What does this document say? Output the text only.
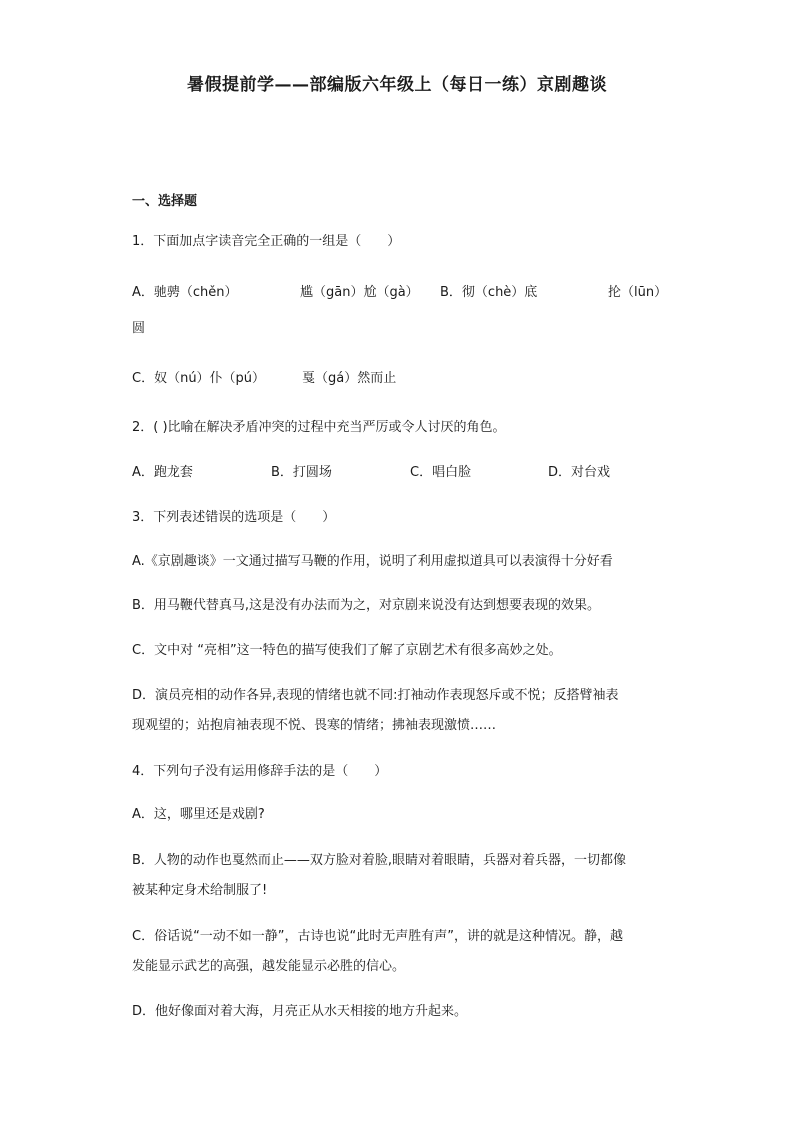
暑假提前学——部编版六年级上（每日一练）京剧趣谈
一、选择题
1．下面加点字读音完全正确的一组是（　　）
A．驰骋（chěn）	尴（gān）尬（gà） B．彻（chè）底	抡（lūn）
圆
C．奴（nú）仆（pú）	戛（gá）然而止
2．( )比喻在解决矛盾冲突的过程中充当严厉或令人讨厌的角色。
A．跑龙套	B．打圆场	C．唱白脸	D．对台戏
3．下列表述错误的选项是（　　）
A.《京剧趣谈》一文通过描写马鞭的作用，说明了利用虚拟道具可以表演得十分好看
B．用马鞭代替真马,这是没有办法而为之，对京剧来说没有达到想要表现的效果。
C．文中对 “亮相”这一特色的描写使我们了解了京剧艺术有很多高妙之处。
D．演员亮相的动作各异,表现的情绪也就不同:打袖动作表现怒斥或不悦；反搭臂袖表
现观望的；站抱肩袖表现不悦、畏寒的情绪；拂袖表现激愤……
4．下列句子没有运用修辞手法的是（　　）
A．这，哪里还是戏剧?
B．人物的动作也戛然而止——双方脸对着脸,眼睛对着眼睛，兵器对着兵器，一切都像
被某种定身术给制服了!
C．俗话说“一动不如一静”，古诗也说“此时无声胜有声”，讲的就是这种情况。静，越
发能显示武艺的高强，越发能显示必胜的信心。
D．他好像面对着大海，月亮正从水天相接的地方升起来。
